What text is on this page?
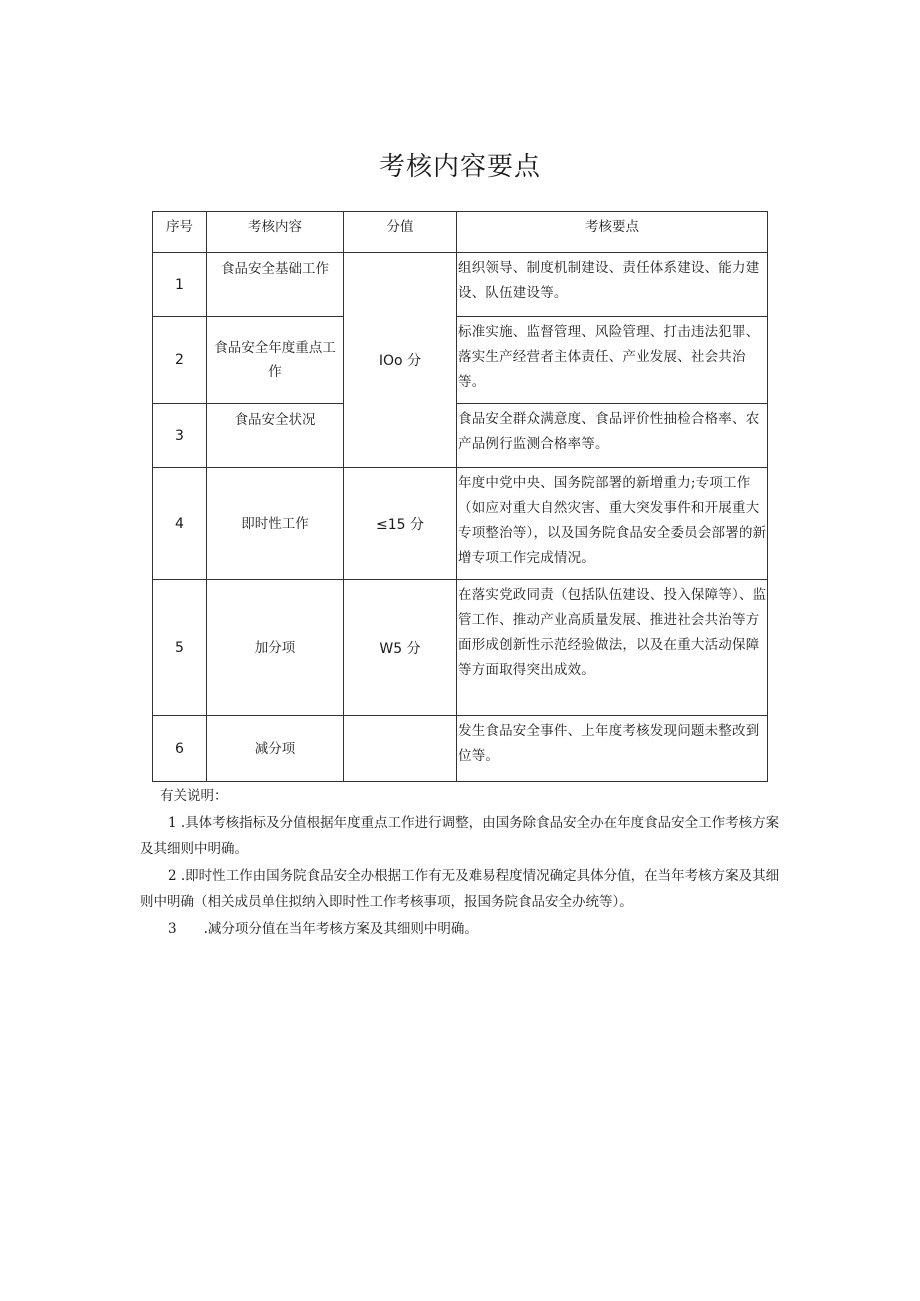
考核内容要点
序号	考核内容	分值	考核要点
1	食品安全基础工作	IOo 分	组织领导、制度机制建设、责任体系建设、能力建设、队伍建设等。
2	食品安全年度重点工作		标准实施、监督管理、风险管理、打击违法犯罪、落实生产经营者主体责任、产业发展、社会共治等。
3	食品安全状况		食品安全群众满意度、食品评价性抽检合格率、农产品例行监测合格率等。
4	即时性工作	≤15 分	年度中党中央、国务院部署的新增重力;专项工作（如应对重大自然灾害、重大突发事件和开展重大专项整治等），以及国务院食品安全委员会部署的新增专项工作完成情况。
5	加分项	W5 分	在落实党政同责（包括队伍建设、投入保障等）、监管工作、推动产业高质量发展、推进社会共治等方面形成创新性示范经验做法，以及在重大活动保障等方面取得突出成效。
6	减分项		发生食品安全事件、上年度考核发现问题未整改到位等。
有关说明：
1 .具体考核指标及分值根据年度重点工作进行调整，由国务除食品安全办在年度食品安全工作考核方案及其细则中明确。
2 .即时性工作由国务院食品安全办根据工作有无及难易程度情况确定具体分值，在当年考核方案及其细则中明确（相关成员单住拟纳入即时性工作考核事项，报国务院食品安全办统等）。
3　　.减分项分值在当年考核方案及其细则中明确。
